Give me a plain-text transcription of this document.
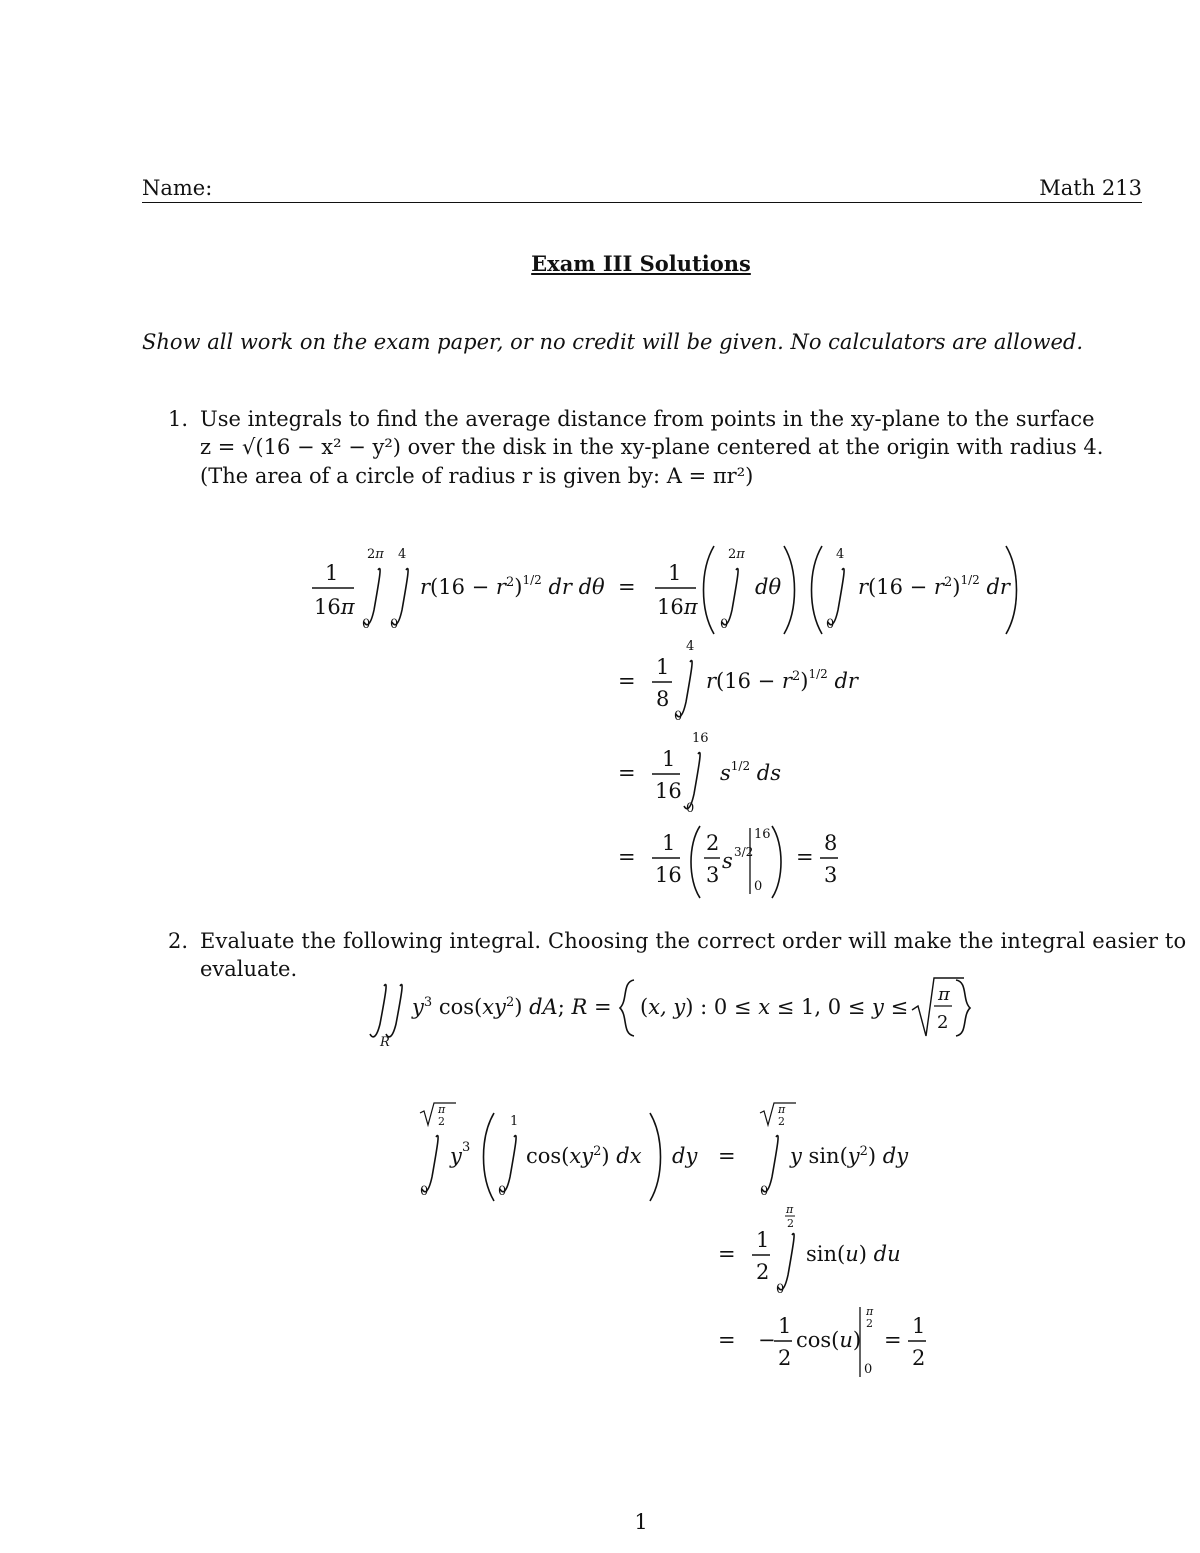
Name:	Math 213
Exam III Solutions
Show all work on the exam paper, or no credit will be given. No calculators are allowed.
1. Use integrals to find the average distance from points in the xy-plane to the surface
z = √(16 − x² − y²) over the disk in the xy-plane centered at the origin with radius 4.
(The area of a circle of radius r is given by: A = πr²)
1
16π
2π
0
4
0
$r(16 - r^2)^{1/2}$ dr dθ =
1
16π
2π
0
dθ
4
0
$r(16 - r^2)^{1/2}$ dr
=
1
8
4
0
$r(16 - r^2)^{1/2}$ dr
=
1
16
16
0
$s^{1/2}$ ds
=
1
16
2
3
s 3/2
16
0
=
8
3
2. Evaluate the following integral. Choosing the correct order will make the integral easier to
evaluate.
R
$y^3$ $\cos(xy^2)$ dA; R = (x, y) : 0 ≤ x ≤ 1, 0 ≤ y ≤
π
2
π
2
0
y 3
1
0
$\cos(xy^2)$ dx dy =
π
2
0
y $\sin(y^2)$ dy
=
1
2
π
2
0
sin(u) du
= −
1
2
cos(u)
π
2
0
=
1
2
1
